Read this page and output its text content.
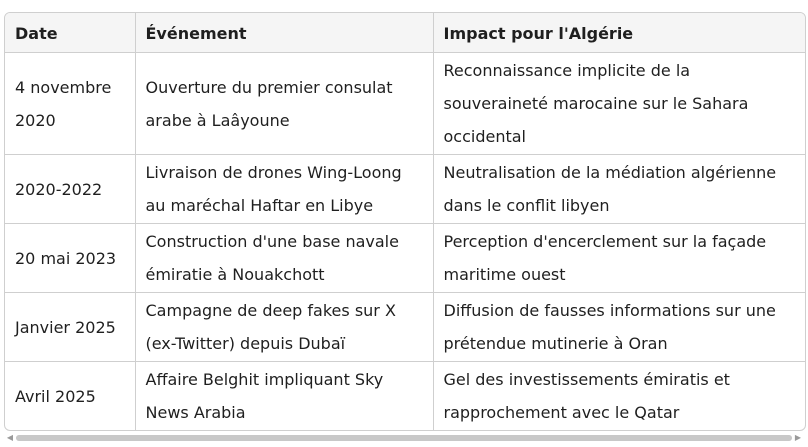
Date	Événement	Impact pour l'Algérie
4 novembre 2020	Ouverture du premier consulat arabe à Laâyoune	Reconnaissance implicite de la souveraineté marocaine sur le Sahara occidental
2020-2022	Livraison de drones Wing-Loong au maréchal Haftar en Libye	Neutralisation de la médiation algérienne dans le conflit libyen
20 mai 2023	Construction d'une base navale émiratie à Nouakchott	Perception d'encerclement sur la façade maritime ouest
Janvier 2025	Campagne de deep fakes sur X (ex-Twitter) depuis Dubaï	Diffusion de fausses informations sur une prétendue mutinerie à Oran
Avril 2025	Affaire Belghit impliquant Sky News Arabia	Gel des investissements émiratis et rapprochement avec le Qatar
◀	▶
